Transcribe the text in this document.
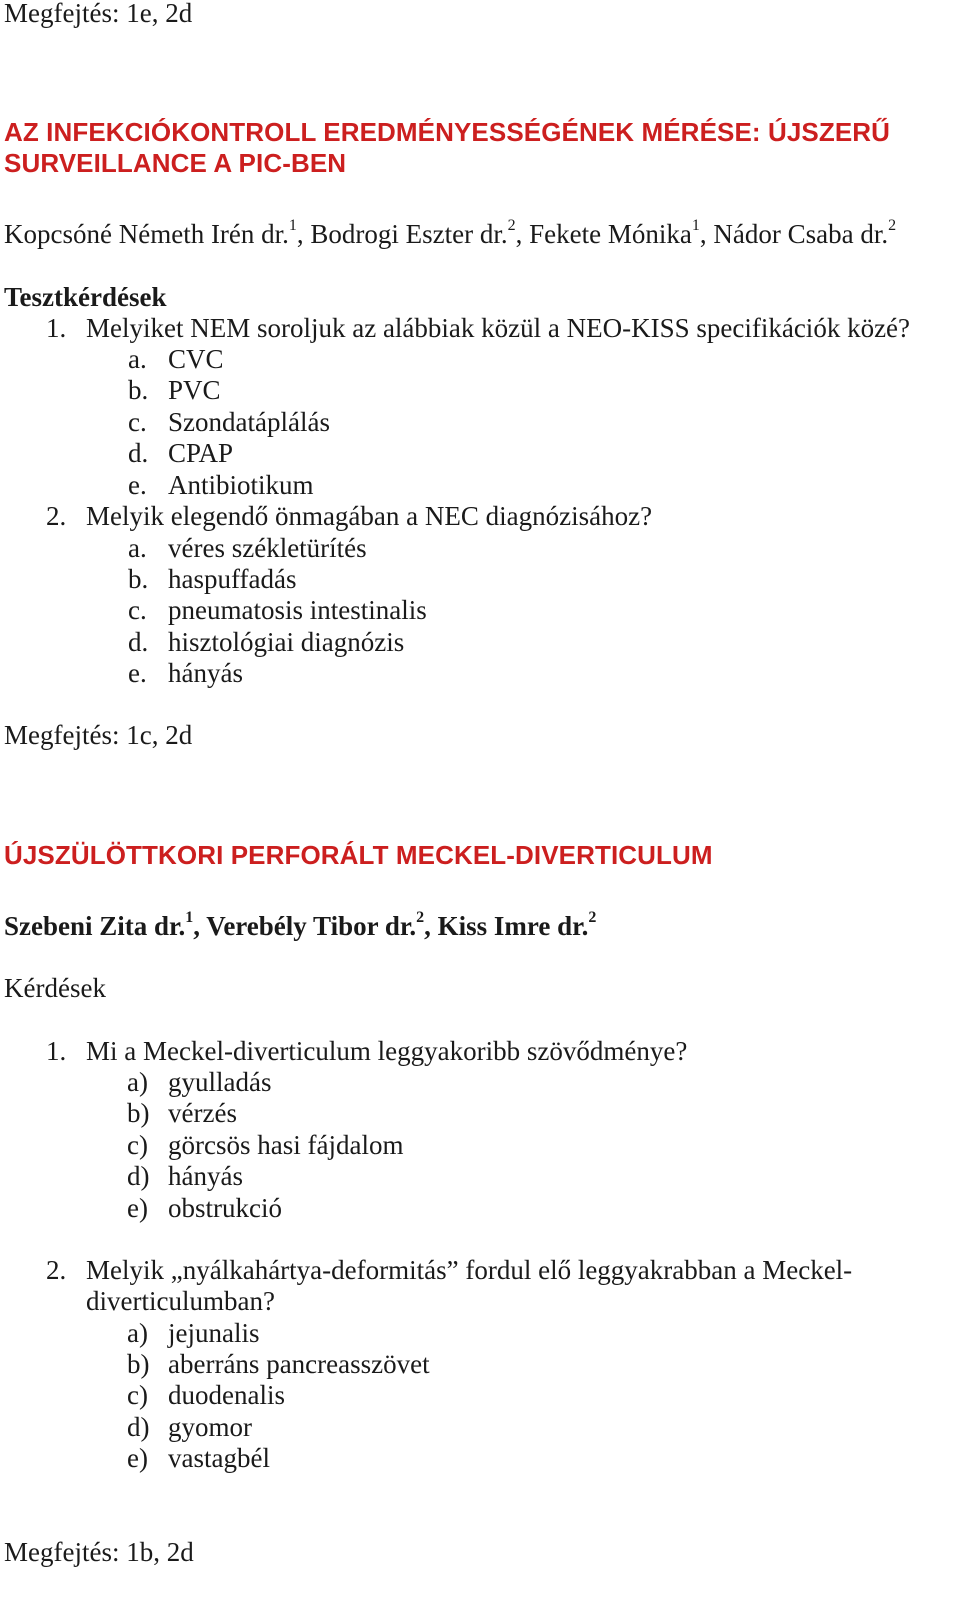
Megfejtés: 1e, 2d
AZ INFEKCIÓKONTROLL EREDMÉNYESSÉGÉNEK MÉRÉSE: ÚJSZERŰ
SURVEILLANCE A PIC-BEN
Kopcsóné Németh Irén dr.$^1$, Bodrogi Eszter dr.$^2$, Fekete Mónika$^1$, Nádor Csaba dr.$^2$
Tesztkérdések
1. Melyiket NEM soroljuk az alábbiak közül a NEO-KISS specifikációk közé?
a. CVC
b. PVC
c. Szondatáplálás
d. CPAP
e. Antibiotikum
2. Melyik elegendő önmagában a NEC diagnózisához?
a. véres székletürítés
b. haspuffadás
c. pneumatosis intestinalis
d. hisztológiai diagnózis
e. hányás
Megfejtés: 1c, 2d
ÚJSZÜLÖTTKORI PERFORÁLT MECKEL-DIVERTICULUM
Szebeni Zita dr.$^1$, Verebély Tibor dr.$^2$, Kiss Imre dr.$^2$
Kérdések
1. Mi a Meckel-diverticulum leggyakoribb szövődménye?
a) gyulladás
b) vérzés
c) görcsös hasi fájdalom
d) hányás
e) obstrukció
2. Melyik „nyálkahártya-deformitás” fordul elő leggyakrabban a Meckel-
diverticulumban?
a) jejunalis
b) aberráns pancreasszövet
c) duodenalis
d) gyomor
e) vastagbél
Megfejtés: 1b, 2d
